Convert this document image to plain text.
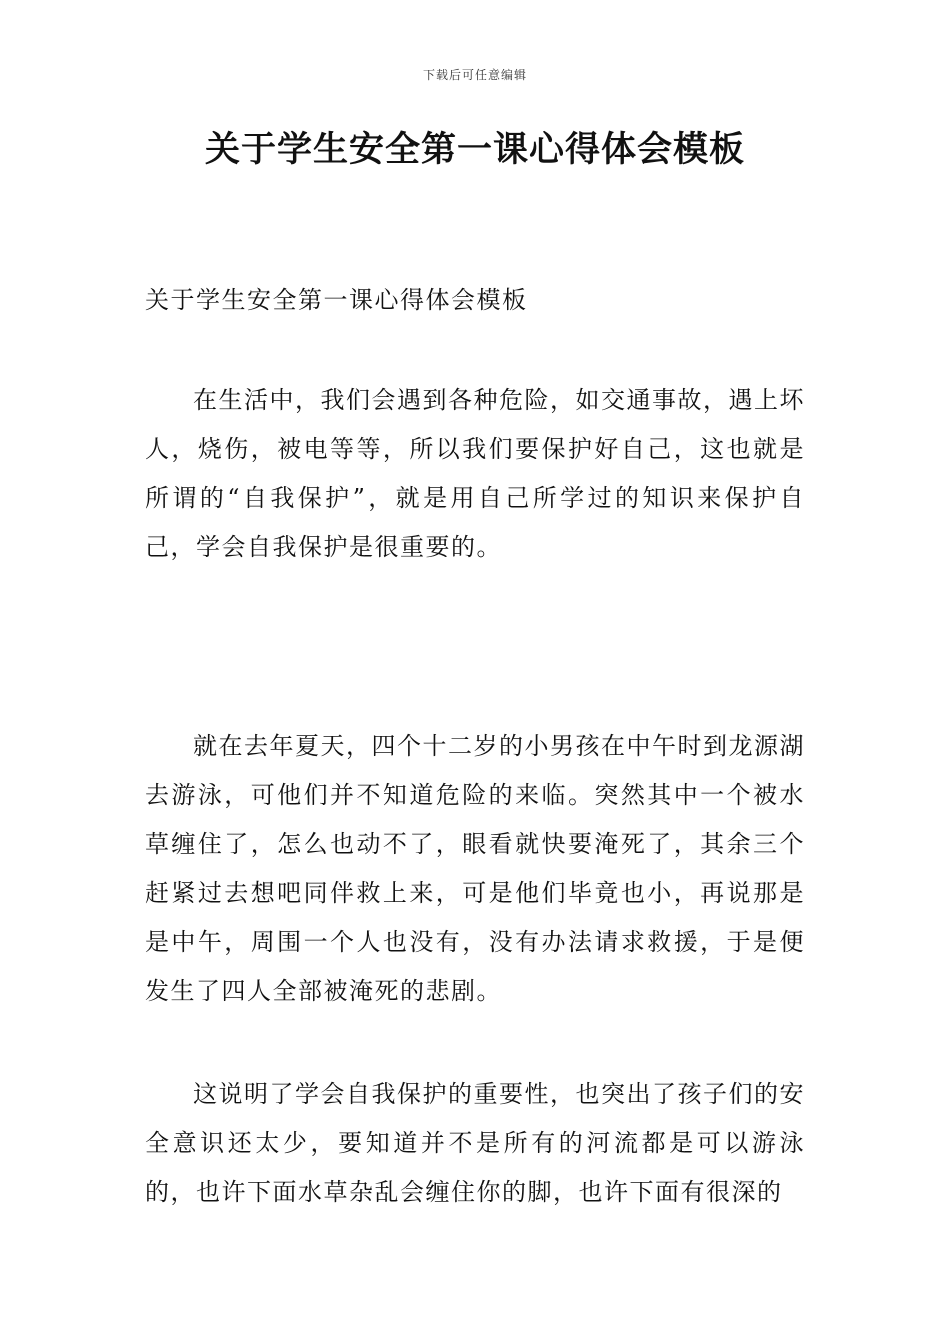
下载后可任意编辑
关于学生安全第一课心得体会模板

关于学生安全第一课心得体会模板

在生活中，我们会遇到各种危险，如交通事故，遇上坏人，烧伤，被电等等，所以我们要保护好自己，这也就是所谓的“自我保护”，就是用自己所学过的知识来保护自己，学会自我保护是很重要的。

就在去年夏天，四个十二岁的小男孩在中午时到龙源湖去游泳，可他们并不知道危险的来临。突然其中一个被水草缠住了，怎么也动不了，眼看就快要淹死了，其余三个赶紧过去想吧同伴救上来，可是他们毕竟也小，再说那是是中午，周围一个人也没有，没有办法请求救援，于是便发生了四人全部被淹死的悲剧。

这说明了学会自我保护的重要性，也突出了孩子们的安全意识还太少，要知道并不是所有的河流都是可以游泳的，也许下面水草杂乱会缠住你的脚，也许下面有很深的
